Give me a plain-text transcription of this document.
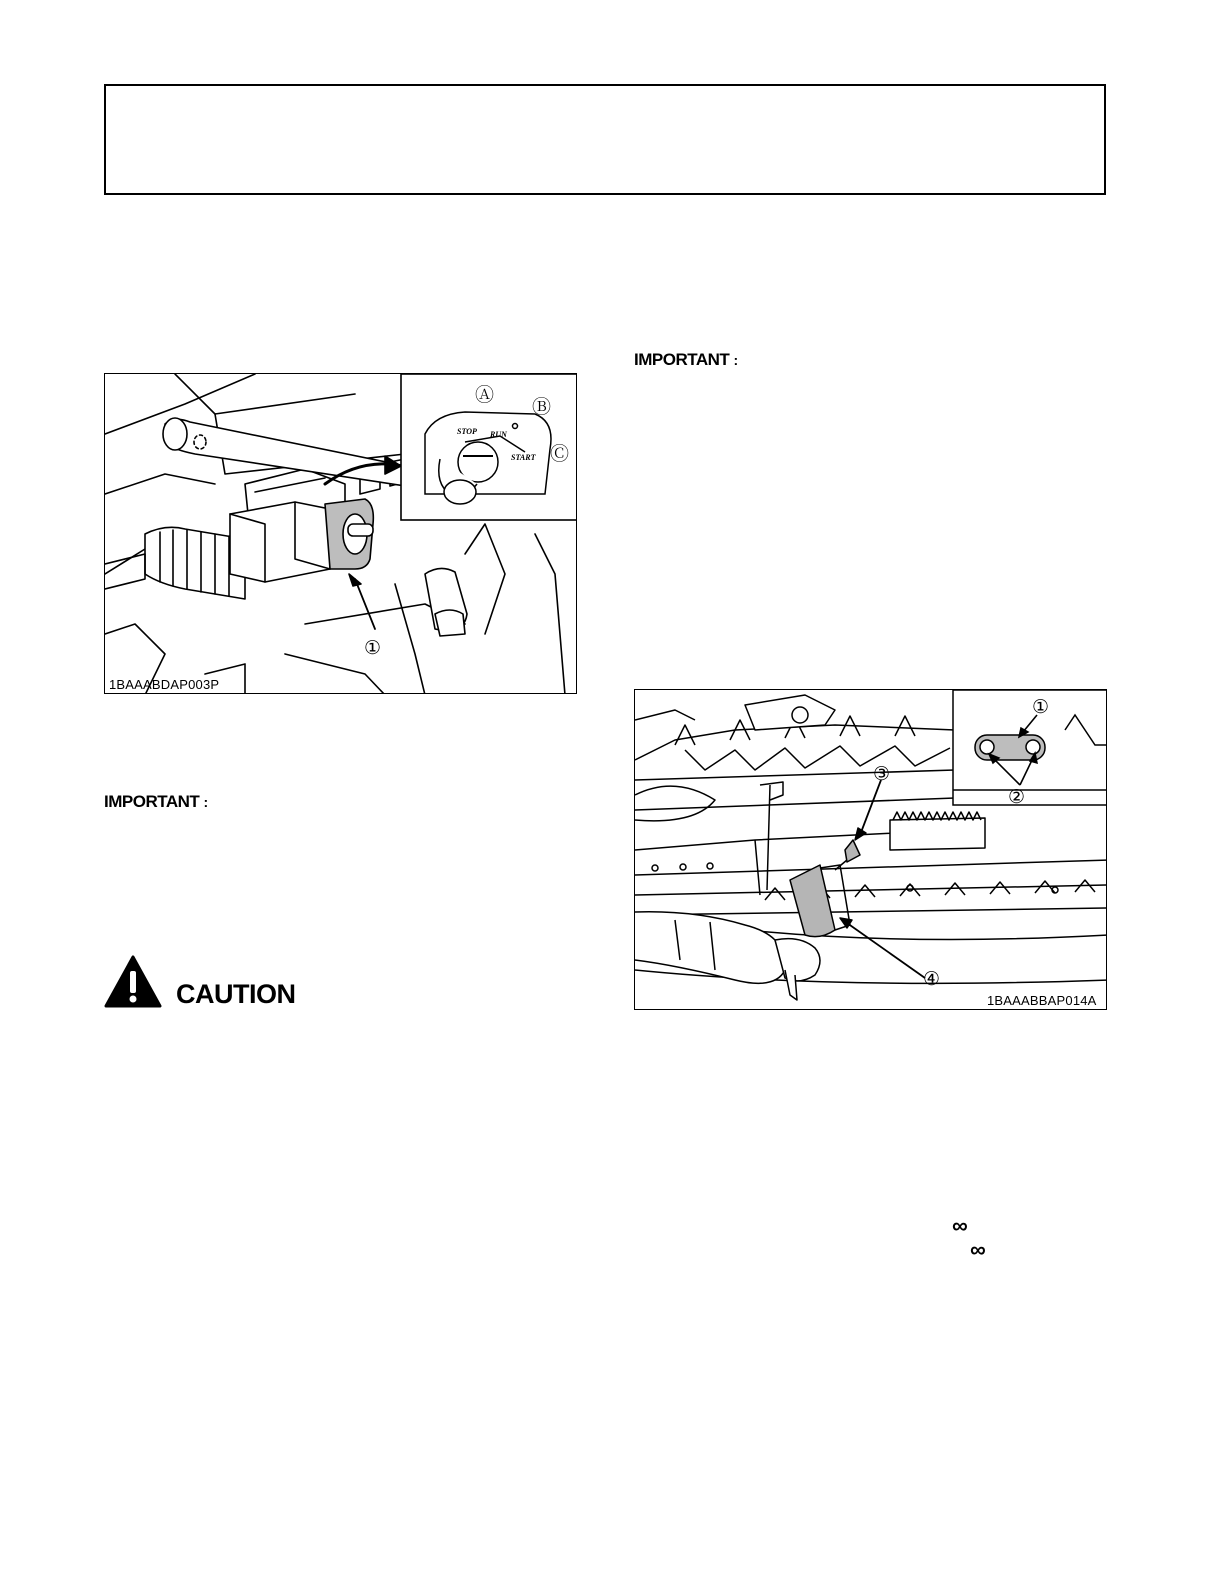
STOP RUN
START
Ⓐ
Ⓑ
Ⓒ
①
1BAAABDAP003P
①
②
③
④
1BAAABBAP014A
IMPORTANT :
IMPORTANT :
CAUTION
∞
∞
